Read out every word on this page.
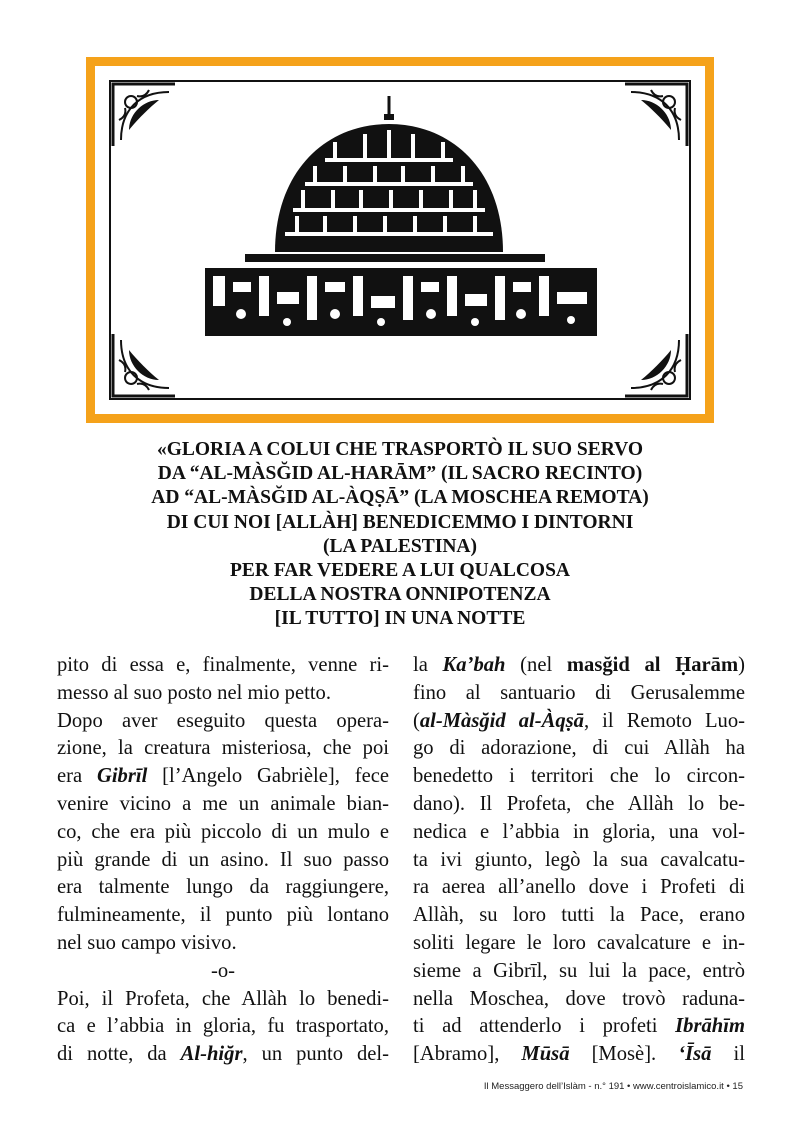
«GLORIA A COLUI CHE TRASPORTÒ IL SUO SERVO
DA “AL-MÀSĞID AL-HARĀM” (IL SACRO RECINTO)
AD “AL-MÀSĞID AL-ÀQṢĀ” (LA MOSCHEA REMOTA)
DI CUI NOI [ALLÀH] BENEDICEMMO I DINTORNI
(LA PALESTINA)
PER FAR VEDERE A LUI QUALCOSA
DELLA NOSTRA ONNIPOTENZA
[IL TUTTO] IN UNA NOTTE
pito di essa e, finalmente, venne ri-
messo al suo posto nel mio petto.
Dopo aver eseguito questa opera-
zione, la creatura misteriosa, che poi
era Gibrīl [l’Angelo Gabrièle], fece
venire vicino a me un animale bian-
co, che era più piccolo di un mulo e
più grande di un asino. Il suo passo
era talmente lungo da raggiungere,
fulmineamente, il punto più lontano
nel suo campo visivo.
-o-
Poi, il Profeta, che Allàh lo benedi-
ca e l’abbia in gloria, fu trasportato,
di notte, da Al-hiğr, un punto del-
la Ka’bah (nel masğid al Ḥarām)
fino al santuario di Gerusalemme
(al-Màsğid al-Àqṣā, il Remoto Luo-
go di adorazione, di cui Allàh ha
benedetto i territori che lo circon-
dano). Il Profeta, che Allàh lo be-
nedica e l’abbia in gloria, una vol-
ta ivi giunto, legò la sua cavalcatu-
ra aerea all’anello dove i Profeti di
Allàh, su loro tutti la Pace, erano
soliti legare le loro cavalcature e in-
sieme a Gibrīl, su lui la pace, entrò
nella Moschea, dove trovò raduna-
ti ad attenderlo i profeti Ibrāhīm
[Abramo], Mūsā [Mosè]. ‘Īsā il
Il Messaggero dell’Islàm - n.° 191 • www.centroislamico.it • 15
